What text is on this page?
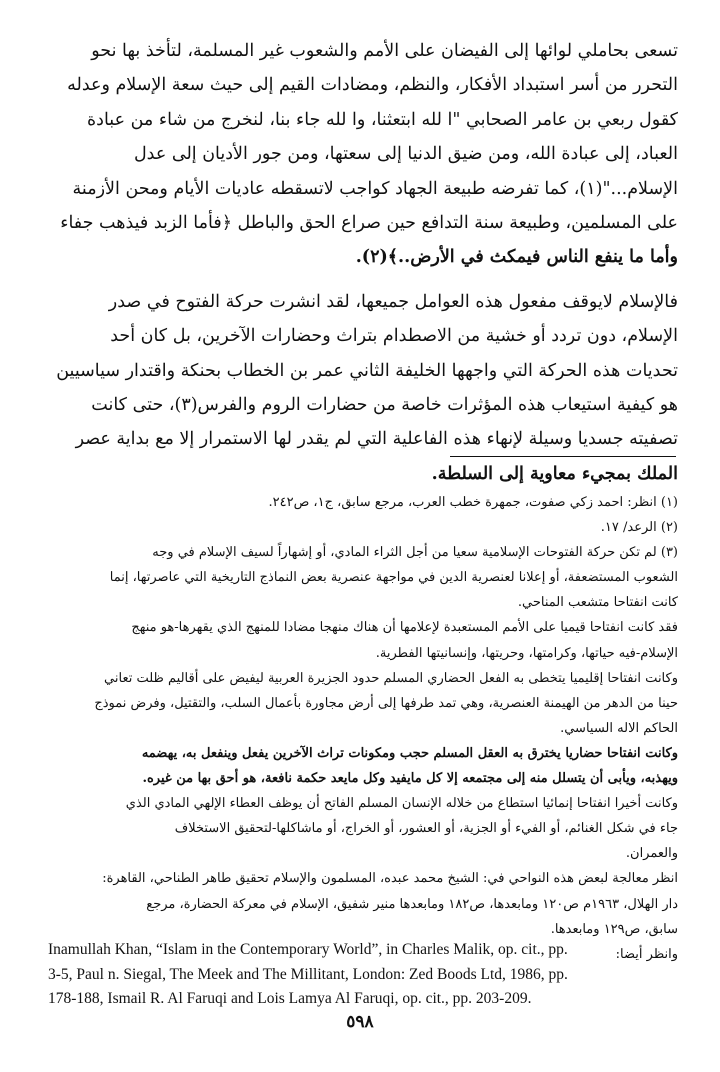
تسعى بحاملي لوائها إلى الفيضان على الأمم والشعوب غير المسلمة، لتأخذ بها نحو
التحرر من أسر استبداد الأفكار، والنظم، ومضادات القيم إلى حيث سعة الإسلام وعدله
كقول ربعي بن عامر الصحابي "ا لله ابتعثنا، وا لله جاء بنا، لنخرج من شاء من عبادة
العباد، إلى عبادة الله، ومن ضيق الدنيا إلى سعتها، ومن جور الأديان إلى عدل
الإسلام..."(١)، كما تفرضه طبيعة الجهاد كواجب لاتسقطه عاديات الأيام ومحن الأزمنة
على المسلمين، وطبيعة سنة التدافع حين صراع الحق والباطل ﴿فأما الزبد فيذهب جفاء
وأما ما ينفع الناس فيمكث في الأرض..﴾(٢).
فالإسلام لايوقف مفعول هذه العوامل جميعها، لقد انشرت حركة الفتوح في صدر
الإسلام، دون تردد أو خشية من الاصطدام بتراث وحضارات الآخرين، بل كان أحد
تحديات هذه الحركة التي واجهها الخليفة الثاني عمر بن الخطاب بحنكة واقتدار سياسيين
هو كيفية استيعاب هذه المؤثرات خاصة من حضارات الروم والفرس(٣)، حتى كانت
تصفيته جسديا وسيلة لإنهاء هذه الفاعلية التي لم يقدر لها الاستمرار إلا مع بداية عصر
الملك بمجيء معاوية إلى السلطة.
(١) انظر: احمد زكي صفوت، جمهرة خطب العرب، مرجع سابق، ج١، ص٢٤٢.
(٢) الرعد/ ١٧.
(٣) لم تكن حركة الفتوحات الإسلامية سعيا من أجل الثراء المادي، أو إشهاراً لسيف الإسلام في وجه
الشعوب المستضعفة، أو إعلانا لعنصرية الدين في مواجهة عنصرية بعض النماذج التاريخية التي عاصرتها، إنما
كانت انفتاحا متشعب المناحي.
فقد كانت انفتاحا قيميا على الأمم المستعبدة لإعلامها أن هناك منهجا مضادا للمنهج الذي يقهرها-هو منهج
الإسلام-فيه حياتها، وكرامتها، وحريتها، وإنسانيتها الفطرية.
وكانت انفتاحا إقليميا يتخطى به الفعل الحضاري المسلم حدود الجزيرة العربية ليفيض على أقاليم ظلت تعاني
حينا من الدهر من الهيمنة العنصرية، وهي تمد طرفها إلى أرض مجاورة بأعمال السلب، والتقتيل، وفرض نموذج
الحاكم الاله السياسي.
وكانت انفتاحا حضاريا يخترق به العقل المسلم حجب ومكونات تراث الآخرين يفعل وينفعل به، يهضمه
ويهذبه، ويأبى أن يتسلل منه إلى مجتمعه إلا كل مايفيد وكل مايعد حكمة نافعة، هو أحق بها من غيره.
وكانت أخيرا انفتاحا إنمائيا استطاع من خلاله الإنسان المسلم الفاتح أن يوظف العطاء الإلهي المادي الذي
جاء في شكل الغنائم، أو الفيء أو الجزية، أو العشور، أو الخراج، أو ماشاكلها-لتحقيق الاستخلاف
والعمران.
انظر معالجة لبعض هذه النواحي في: الشيخ محمد عبده، المسلمون والإسلام تحقيق طاهر الطناحي، القاهرة:
دار الهلال، ١٩٦٣م ص١٢٠ ومابعدها، ص١٨٢ ومابعدها منير شفيق، الإسلام في معركة الحضارة، مرجع
سابق، ص١٢٩ ومابعدها.
وانظر أيضا:
Inamullah Khan, “Islam in the Contemporary World”, in Charles Malik, op. cit., pp.
3-5, Paul n. Siegal, The Meek and The Millitant, London: Zed Boods Ltd, 1986, pp.
178-188, Ismail R. Al Faruqi and Lois Lamya Al Faruqi, op. cit., pp. 203-209.
٥٩٨
